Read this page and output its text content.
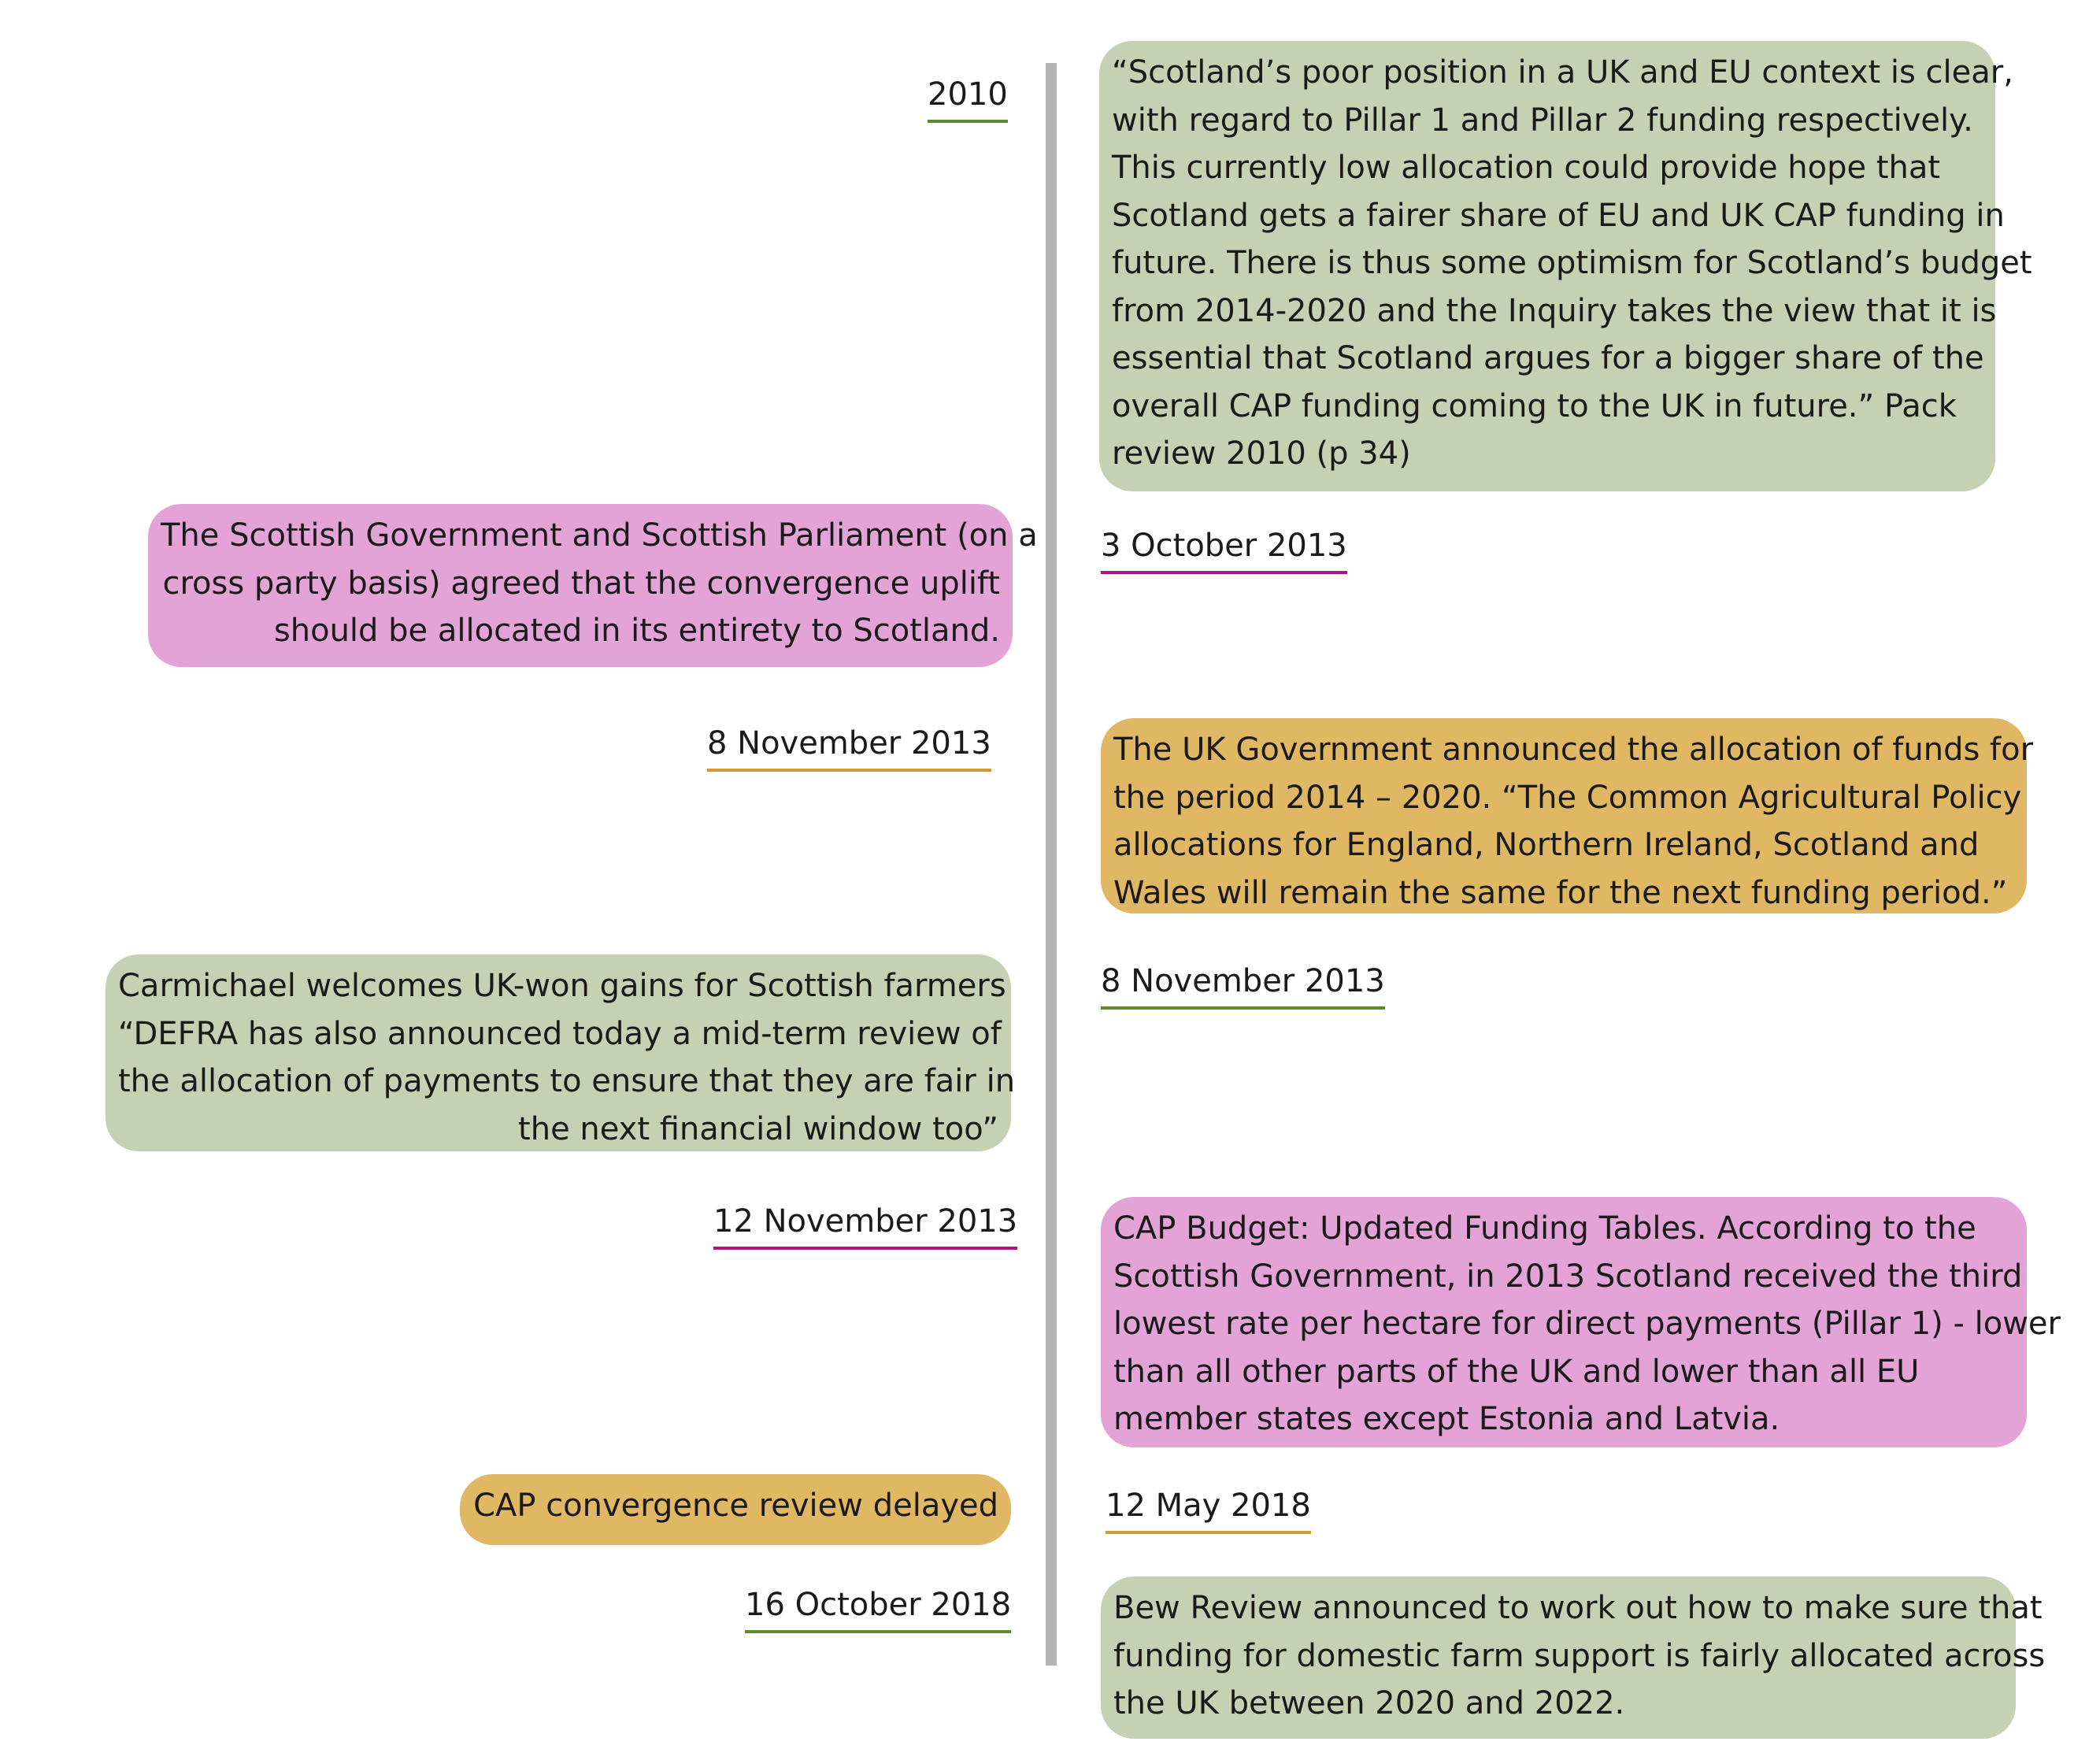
2010
“Scotland’s poor position in a UK and EU context is clear,
with regard to Pillar 1 and Pillar 2 funding respectively.
This currently low allocation could provide hope that
Scotland gets a fairer share of EU and UK CAP funding in
future. There is thus some optimism for Scotland’s budget
from 2014-2020 and the Inquiry takes the view that it is
essential that Scotland argues for a bigger share of the
overall CAP funding coming to the UK in future.” Pack
review 2010 (p 34)
3 October 2013
The Scottish Government and Scottish Parliament (on a
cross party basis) agreed that the convergence uplift
should be allocated in its entirety to Scotland.
8 November 2013	The UK Government announced the allocation of funds for
the period 2014 – 2020. “The Common Agricultural Policy
allocations for England, Northern Ireland, Scotland and
Wales will remain the same for the next funding period.”
8 November 2013
Carmichael welcomes UK-won gains for Scottish farmers
“DEFRA has also announced today a mid-term review of
the allocation of payments to ensure that they are fair in
the next financial window too”
12 November 2013	CAP Budget: Updated Funding Tables. According to the
Scottish Government, in 2013 Scotland received the third
lowest rate per hectare for direct payments (Pillar 1) - lower
than all other parts of the UK and lower than all EU
member states except Estonia and Latvia.
12 May 2018
CAP convergence review delayed
16 October 2018	Bew Review announced to work out how to make sure that
funding for domestic farm support is fairly allocated across
the UK between 2020 and 2022.
